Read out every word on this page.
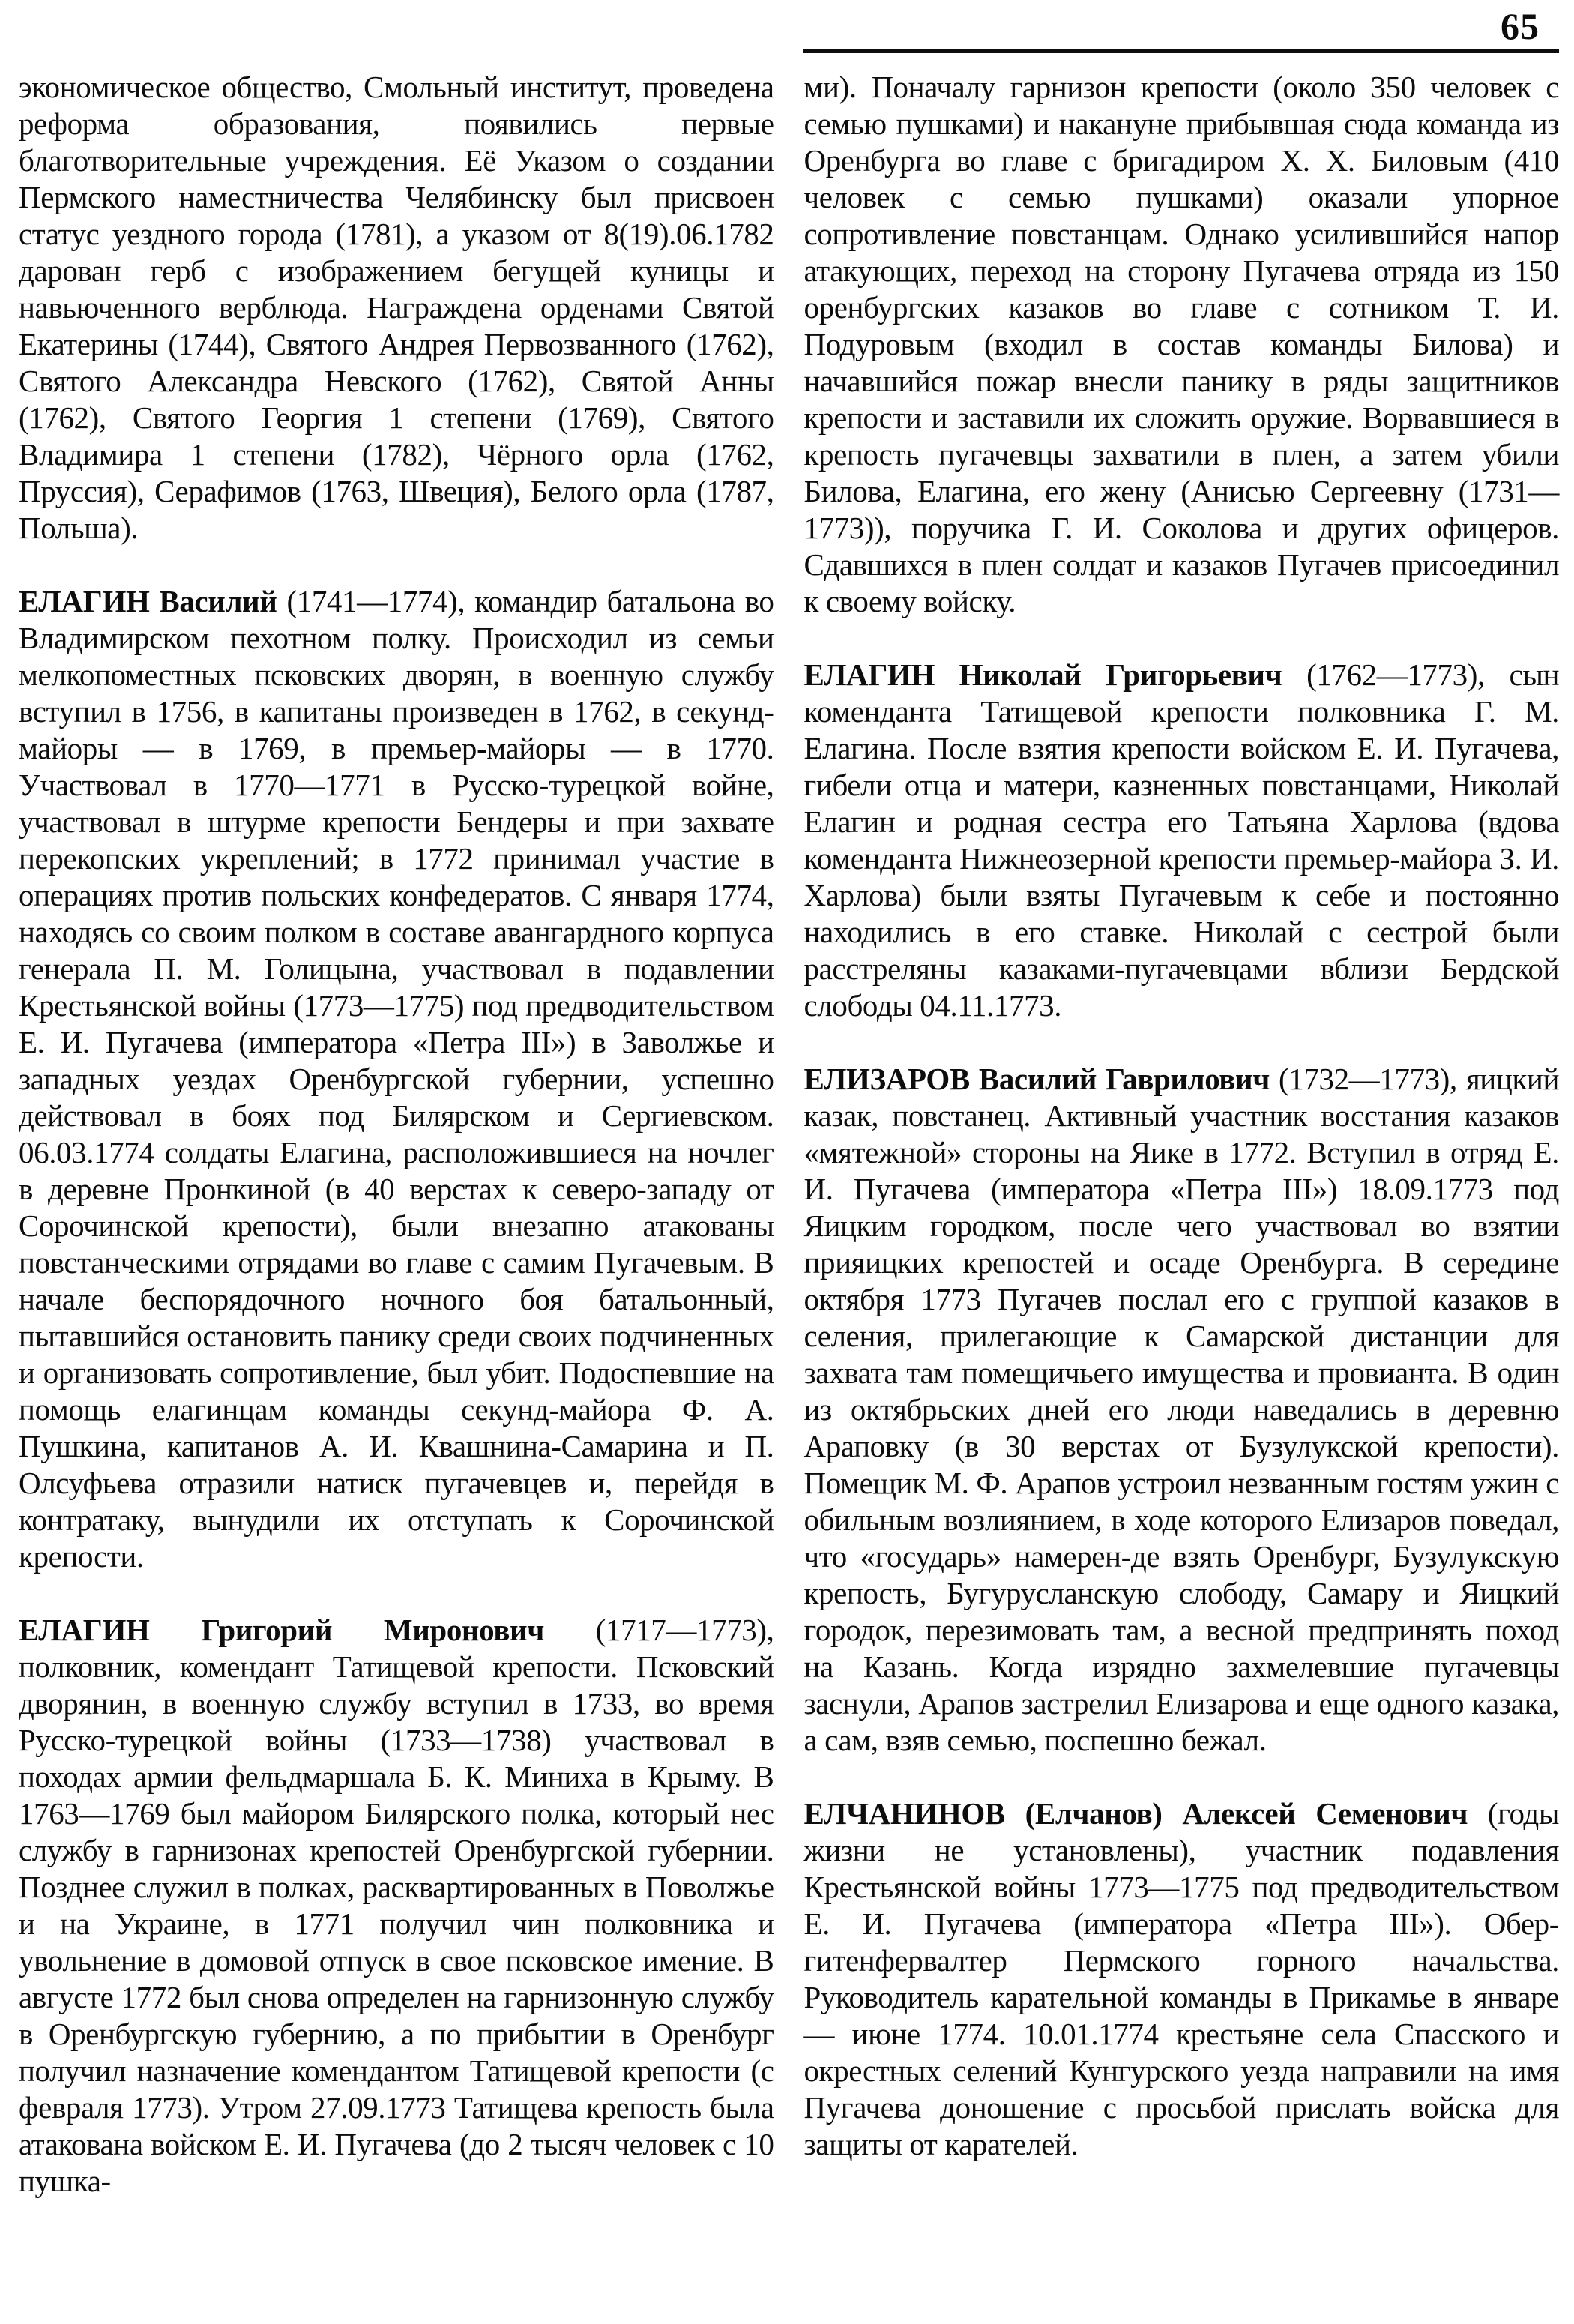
65

экономическое общество, Смольный институт, проведена реформа образования, появились первые благотворительные учреждения. Её Указом о создании Пермского наместничества Челябинску был присвоен статус уездного города (1781), а указом от 8(19).06.1782 дарован герб с изображением бегущей куницы и навьюченного верблюда. Награждена орденами Святой Екатерины (1744), Святого Андрея Первозванного (1762), Святого Александра Невского (1762), Святой Анны (1762), Святого Георгия 1 степени (1769), Святого Владимира 1 степени (1782), Чёрного орла (1762, Пруссия), Серафимов (1763, Швеция), Белого орла (1787, Польша).

ЕЛАГИН Василий (1741—1774), командир батальона во Владимирском пехотном полку. Происходил из семьи мелкопоместных псковских дворян, в военную службу вступил в 1756, в капитаны произведен в 1762, в секунд-майоры — в 1769, в премьер-майоры — в 1770. Участвовал в 1770—1771 в Русско-турецкой войне, участвовал в штурме крепости Бендеры и при захвате перекопских укреплений; в 1772 принимал участие в операциях против польских конфедератов. С января 1774, находясь со своим полком в составе авангардного корпуса генерала П. М. Голицына, участвовал в подавлении Крестьянской войны (1773—1775) под предводительством Е. И. Пугачева (императора «Петра III») в Заволжье и западных уездах Оренбургской губернии, успешно действовал в боях под Билярском и Сергиевском. 06.03.1774 солдаты Елагина, расположившиеся на ночлег в деревне Пронкиной (в 40 верстах к северо-западу от Сорочинской крепости), были внезапно атакованы повстанческими отрядами во главе с самим Пугачевым. В начале беспорядочного ночного боя батальонный, пытавшийся остановить панику среди своих подчиненных и организовать сопротивление, был убит. Подоспевшие на помощь елагинцам команды секунд-майора Ф. А. Пушкина, капитанов А. И. Квашнина-Самарина и П. Олсуфьева отразили натиск пугачевцев и, перейдя в контратаку, вынудили их отступать к Сорочинской крепости.

ЕЛАГИН Григорий Миронович (1717—1773), полковник, комендант Татищевой крепости. Псковский дворянин, в военную службу вступил в 1733, во время Русско-турецкой войны (1733—1738) участвовал в походах армии фельдмаршала Б. К. Миниха в Крыму. В 1763—1769 был майором Билярского полка, который нес службу в гарнизонах крепостей Оренбургской губернии. Позднее служил в полках, расквартированных в Поволжье и на Украине, в 1771 получил чин полковника и увольнение в домовой отпуск в свое псковское имение. В августе 1772 был снова определен на гарнизонную службу в Оренбургскую губернию, а по прибытии в Оренбург получил назначение комендантом Татищевой крепости (с февраля 1773). Утром 27.09.1773 Татищева крепость была атакована войском Е. И. Пугачева (до 2 тысяч человек с 10 пушка-

ми). Поначалу гарнизон крепости (около 350 человек с семью пушками) и накануне прибывшая сюда команда из Оренбурга во главе с бригадиром Х. Х. Биловым (410 человек с семью пушками) оказали упорное сопротивление повстанцам. Однако усилившийся напор атакующих, переход на сторону Пугачева отряда из 150 оренбургских казаков во главе с сотником Т. И. Подуровым (входил в состав команды Билова) и начавшийся пожар внесли панику в ряды защитников крепости и заставили их сложить оружие. Ворвавшиеся в крепость пугачевцы захватили в плен, а затем убили Билова, Елагина, его жену (Анисью Сергеевну (1731—1773)), поручика Г. И. Соколова и других офицеров. Сдавшихся в плен солдат и казаков Пугачев присоединил к своему войску.

ЕЛАГИН Николай Григорьевич (1762—1773), сын коменданта Татищевой крепости полковника Г. М. Елагина. После взятия крепости войском Е. И. Пугачева, гибели отца и матери, казненных повстанцами, Николай Елагин и родная сестра его Татьяна Харлова (вдова коменданта Нижнеозерной крепости премьер-майора З. И. Харлова) были взяты Пугачевым к себе и постоянно находились в его ставке. Николай с сестрой были расстреляны казаками-пугачевцами вблизи Бердской слободы 04.11.1773.

ЕЛИЗАРОВ Василий Гаврилович (1732—1773), яицкий казак, повстанец. Активный участник восстания казаков «мятежной» стороны на Яике в 1772. Вступил в отряд Е. И. Пугачева (императора «Петра III») 18.09.1773 под Яицким городком, после чего участвовал во взятии прияицких крепостей и осаде Оренбурга. В середине октября 1773 Пугачев послал его с группой казаков в селения, прилегающие к Самарской дистанции для захвата там помещичьего имущества и провианта. В один из октябрьских дней его люди наведались в деревню Араповку (в 30 верстах от Бузулукской крепости). Помещик М. Ф. Арапов устроил незванным гостям ужин с обильным возлиянием, в ходе которого Елизаров поведал, что «государь» намерен-де взять Оренбург, Бузулукскую крепость, Бугурусланскую слободу, Самару и Яицкий городок, перезимовать там, а весной предпринять поход на Казань. Когда изрядно захмелевшие пугачевцы заснули, Арапов застрелил Елизарова и еще одного казака, а сам, взяв семью, поспешно бежал.

ЕЛЧАНИНОВ (Елчанов) Алексей Семенович (годы жизни не установлены), участник подавления Крестьянской войны 1773—1775 под предводительством Е. И. Пугачева (императора «Петра III»). Обер-гитенфервалтер Пермского горного начальства. Руководитель карательной команды в Прикамье в январе — июне 1774. 10.01.1774 крестьяне села Спасского и окрестных селений Кунгурского уезда направили на имя Пугачева доношение с просьбой прислать войска для защиты от карателей.
